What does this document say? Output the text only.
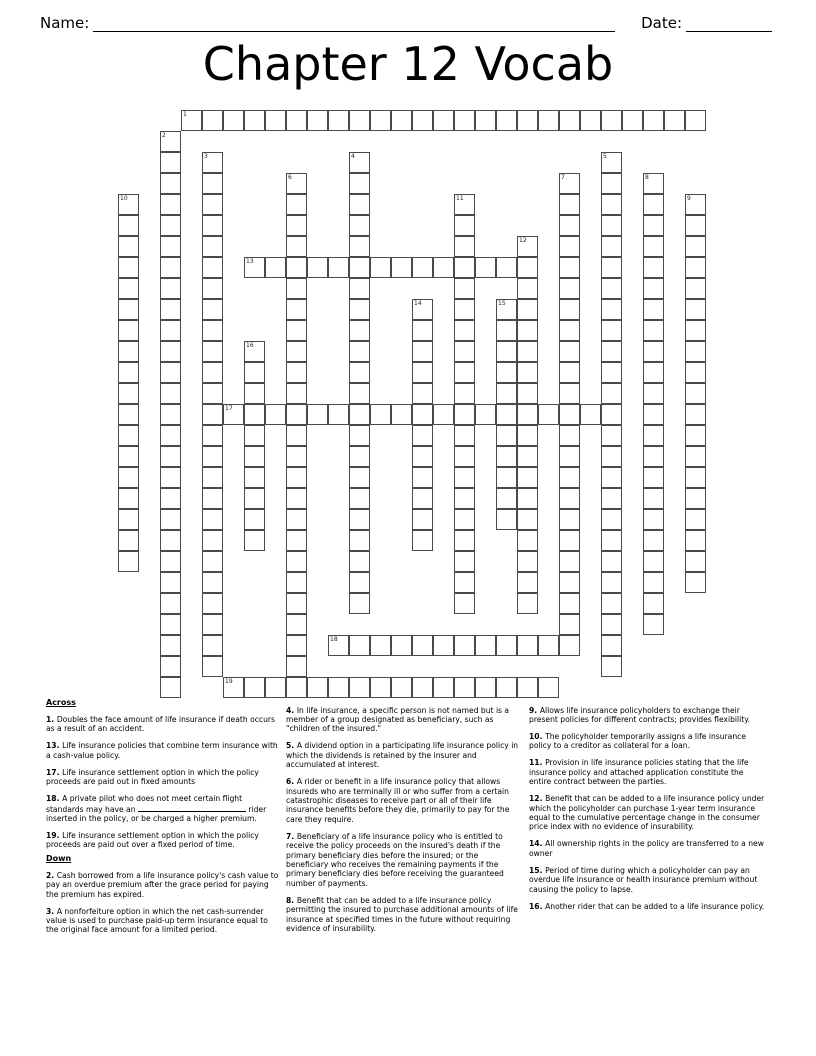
Name:	Date:
Chapter 12 Vocab
1
2
3	4	5
6	7	8
9
10	11
12
13
14	15
16
17
18
19
Across

1. Doubles the face amount of life insurance if death occurs as a result of an accident.

13. Life insurance policies that combine term insurance with a cash-value policy.

17. Life insurance settlement option in which the policy proceeds are paid out in fixed amounts

18. A private pilot who does not meet certain flight standards may have an	rider inserted in the policy, or be charged a higher premium.

19. Life insurance settlement option in which the policy proceeds are paid out over a fixed period of time.

Down

2. Cash borrowed from a life insurance policy's cash value to pay an overdue premium after the grace period for paying the premium has expired.

3. A nonforfeiture option in which the net cash-surrender value is used to purchase paid-up term insurance equal to the original face amount for a limited period.

4. In life insurance, a specific person is not named but is a member of a group designated as beneficiary, such as "children of the insured."

5. A dividend option in a participating life insurance policy in which the dividends is retained by the insurer and accumulated at interest.

6. A rider or benefit in a life insurance policy that allows insureds who are terminally ill or who suffer from a certain catastrophic diseases to receive part or all of their life insurance benefits before they die, primarily to pay for the care they require.

7. Beneficiary of a life insurance policy who is entitled to receive the policy proceeds on the insured's death if the primary beneficiary dies before the insured; or the beneficiary who receives the remaining payments if the primary beneficiary dies before receiving the guaranteed number of payments.

8. Benefit that can be added to a life insurance policy permitting the insured to purchase additional amounts of life insurance at specified times in the future without requiring evidence of insurability.

9. Allows life insurance policyholders to exchange their present policies for different contracts; provides flexibility.

10. The policyholder temporarily assigns a life insurance policy to a creditor as collateral for a loan.

11. Provision in life insurance policies stating that the life insurance policy and attached application constitute the entire contract between the parties.

12. Benefit that can be added to a life insurance policy under which the policyholder can purchase 1-year term insurance equal to the cumulative percentage change in the consumer price index with no evidence of insurability.

14. All ownership rights in the policy are transferred to a new owner

15. Period of time during which a policyholder can pay an overdue life insurance or health insurance premium without causing the policy to lapse.

16. Another rider that can be added to a life insurance policy.
